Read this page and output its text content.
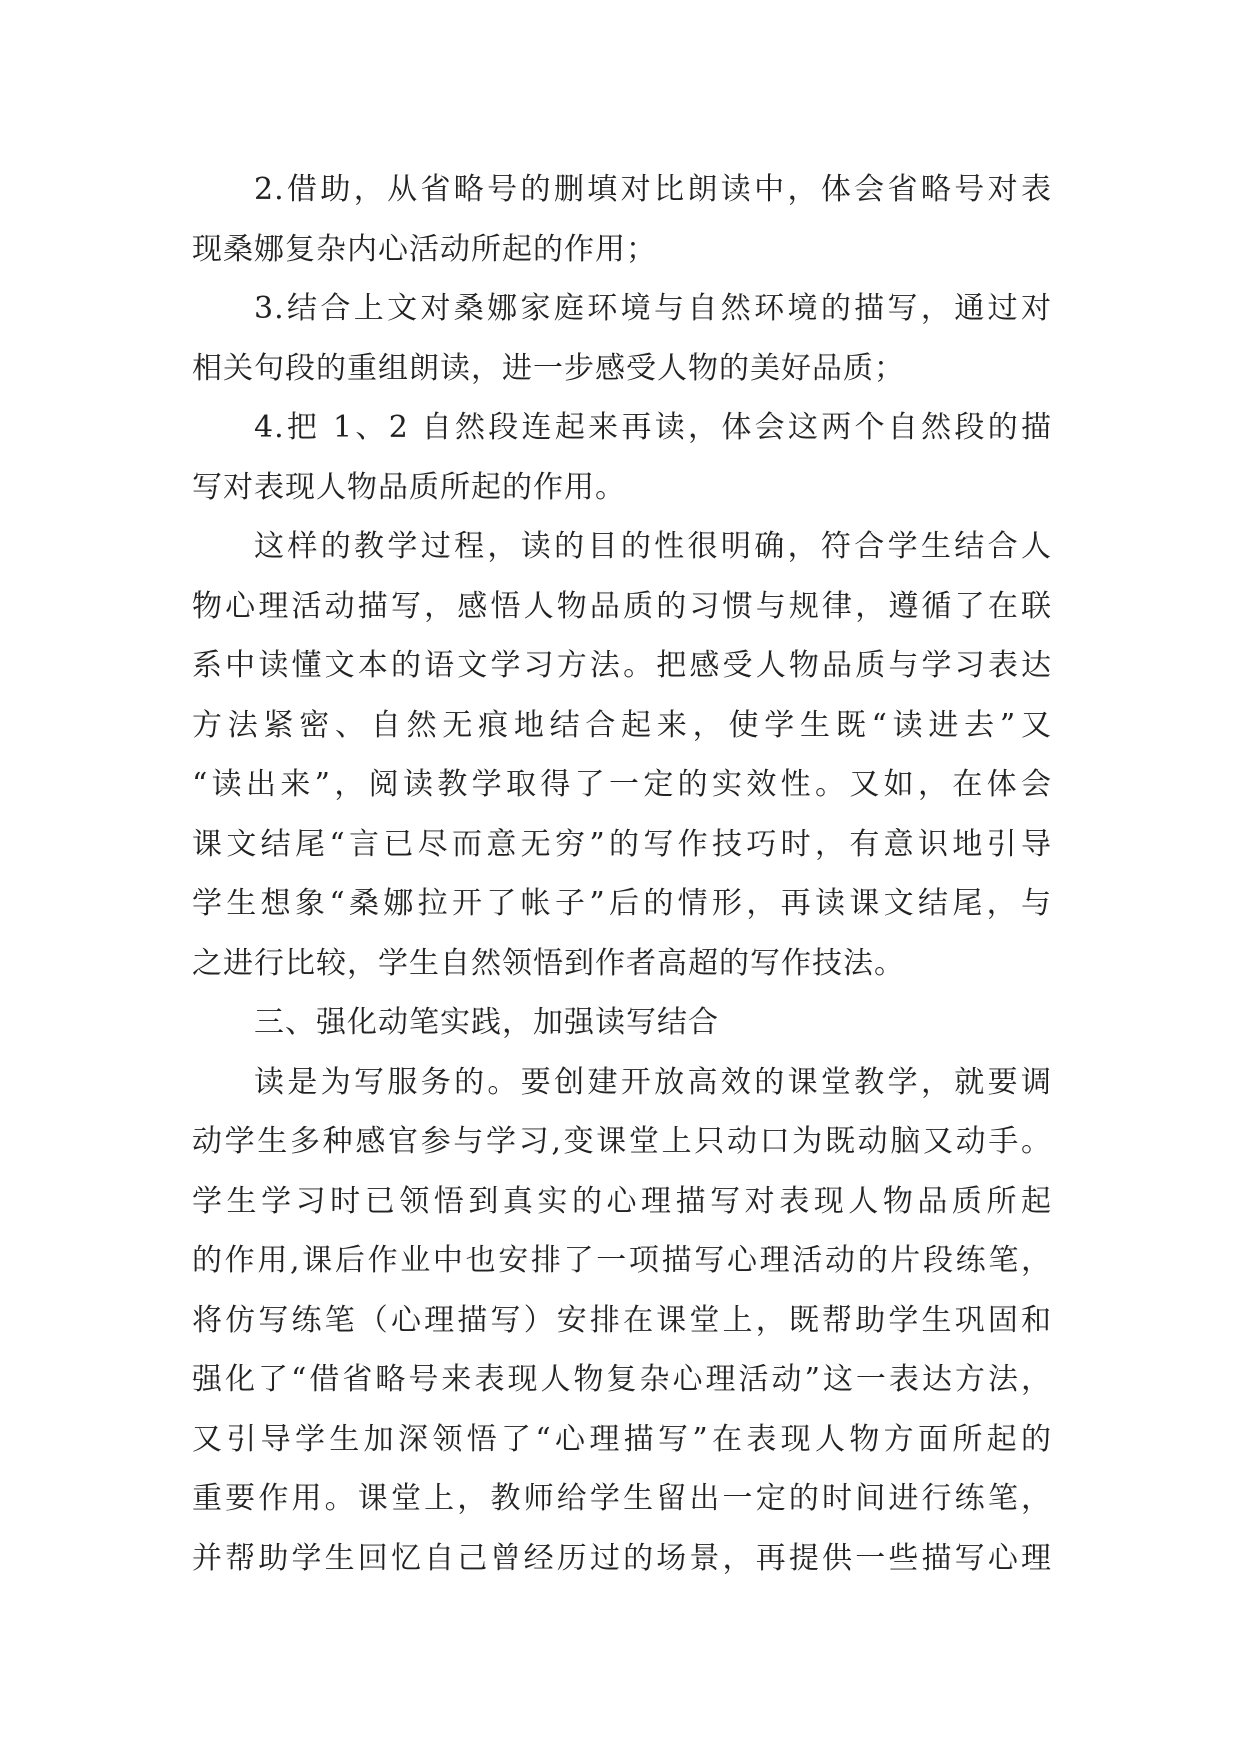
2.借助，从省略号的删填对比朗读中，体会省略号对表
现桑娜复杂内心活动所起的作用；
3.结合上文对桑娜家庭环境与自然环境的描写，通过对
相关句段的重组朗读，进一步感受人物的美好品质；
4.把 1、2 自然段连起来再读，体会这两个自然段的描
写对表现人物品质所起的作用。
这样的教学过程，读的目的性很明确，符合学生结合人
物心理活动描写，感悟人物品质的习惯与规律，遵循了在联
系中读懂文本的语文学习方法。把感受人物品质与学习表达
方法紧密、自然无痕地结合起来，使学生既“读进去”又
“读出来”，阅读教学取得了一定的实效性。又如，在体会
课文结尾“言已尽而意无穷”的写作技巧时，有意识地引导
学生想象“桑娜拉开了帐子”后的情形，再读课文结尾，与
之进行比较，学生自然领悟到作者高超的写作技法。
三、强化动笔实践，加强读写结合
读是为写服务的。要创建开放高效的课堂教学，就要调
动学生多种感官参与学习,变课堂上只动口为既动脑又动手。
学生学习时已领悟到真实的心理描写对表现人物品质所起
的作用,课后作业中也安排了一项描写心理活动的片段练笔，
将仿写练笔（心理描写）安排在课堂上，既帮助学生巩固和
强化了“借省略号来表现人物复杂心理活动”这一表达方法，
又引导学生加深领悟了“心理描写”在表现人物方面所起的
重要作用。课堂上，教师给学生留出一定的时间进行练笔，
并帮助学生回忆自己曾经历过的场景，再提供一些描写心理
